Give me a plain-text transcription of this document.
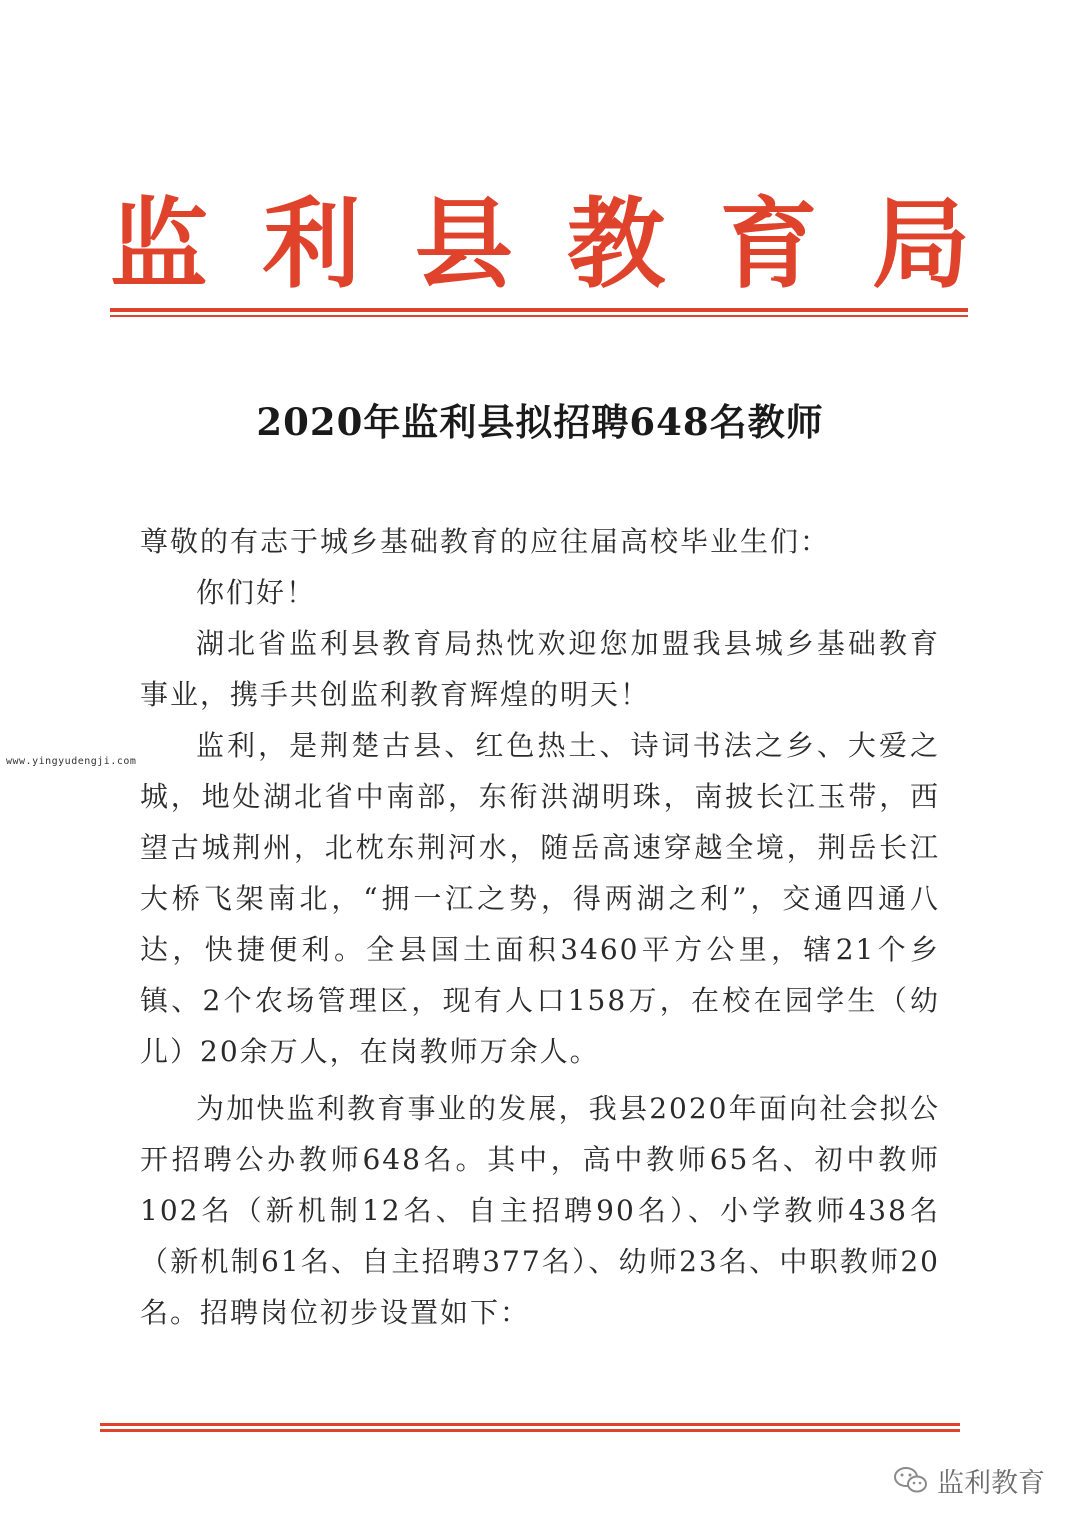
监 利 县 教 育 局
2020年监利县拟招聘648名教师

尊敬的有志于城乡基础教育的应往届高校毕业生们：

你们好！

湖北省监利县教育局热忱欢迎您加盟我县城乡基础教育事业，携手共创监利教育辉煌的明天！

监利，是荆楚古县、红色热土、诗词书法之乡、大爱之城，地处湖北省中南部，东衔洪湖明珠，南披长江玉带，西望古城荆州，北枕东荆河水，随岳高速穿越全境，荆岳长江大桥飞架南北，“拥一江之势，得两湖之利”，交通四通八达，快捷便利。全县国土面积3460平方公里，辖21个乡镇、2个农场管理区，现有人口158万，在校在园学生（幼儿）20余万人，在岗教师万余人。

为加快监利教育事业的发展，我县2020年面向社会拟公开招聘公办教师648名。其中，高中教师65名、初中教师102名（新机制12名、自主招聘90名）、小学教师438名（新机制61名、自主招聘377名）、幼师23名、中职教师20名。招聘岗位初步设置如下：

www.yingyudengji.com
监利教育
